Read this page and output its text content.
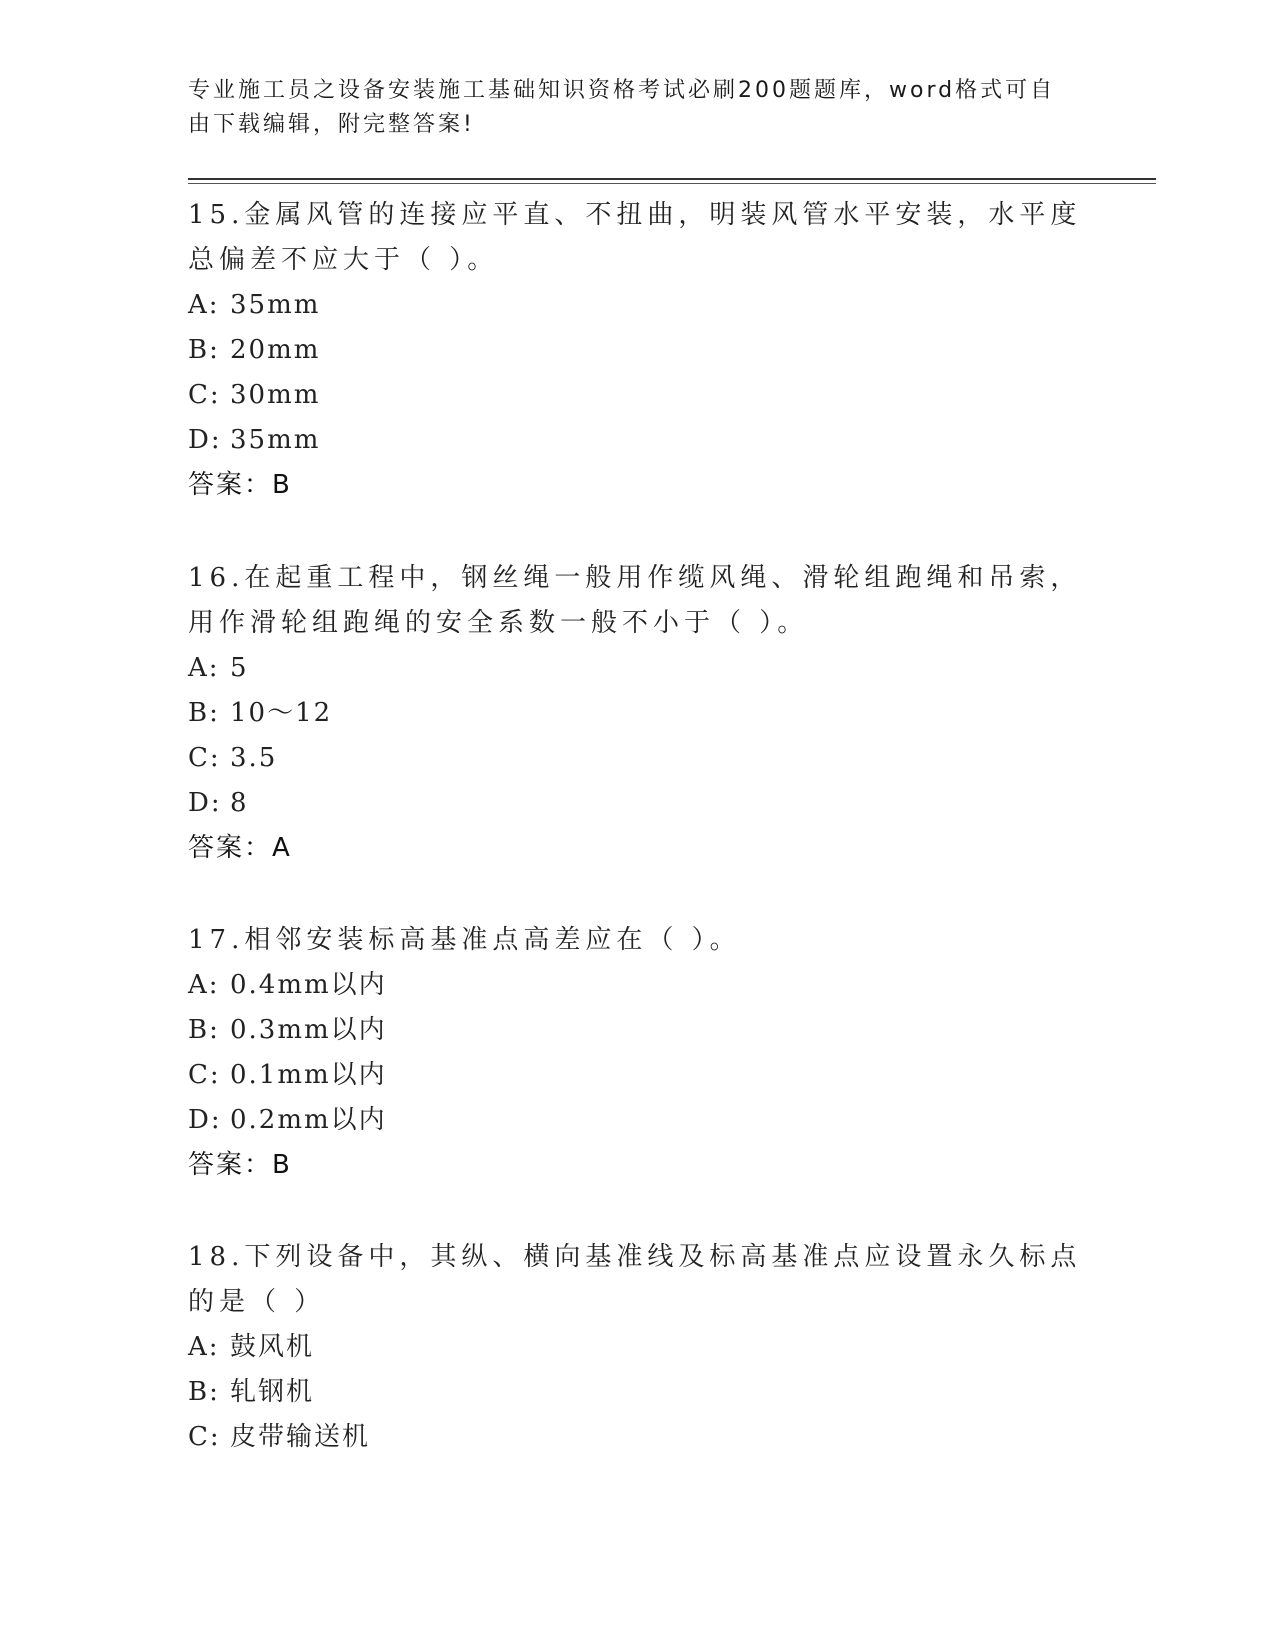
专业施工员之设备安装施工基础知识资格考试必刷200题题库，word格式可自由下载编辑，附完整答案!
15.金属风管的连接应平直、不扭曲，明装风管水平安装，水平度总偏差不应大于（ ）。
A: 35mm
B: 20mm
C: 30mm
D: 35mm
答案：B
16.在起重工程中，钢丝绳一般用作缆风绳、滑轮组跑绳和吊索，用作滑轮组跑绳的安全系数一般不小于（ ）。
A: 5
B: 10～12
C: 3.5
D: 8
答案：A
17.相邻安装标高基准点高差应在（ ）。
A: 0.4mm以内
B: 0.3mm以内
C: 0.1mm以内
D: 0.2mm以内
答案：B
18.下列设备中，其纵、横向基准线及标高基准点应设置永久标点的是（ ）
A: 鼓风机
B: 轧钢机
C: 皮带输送机
